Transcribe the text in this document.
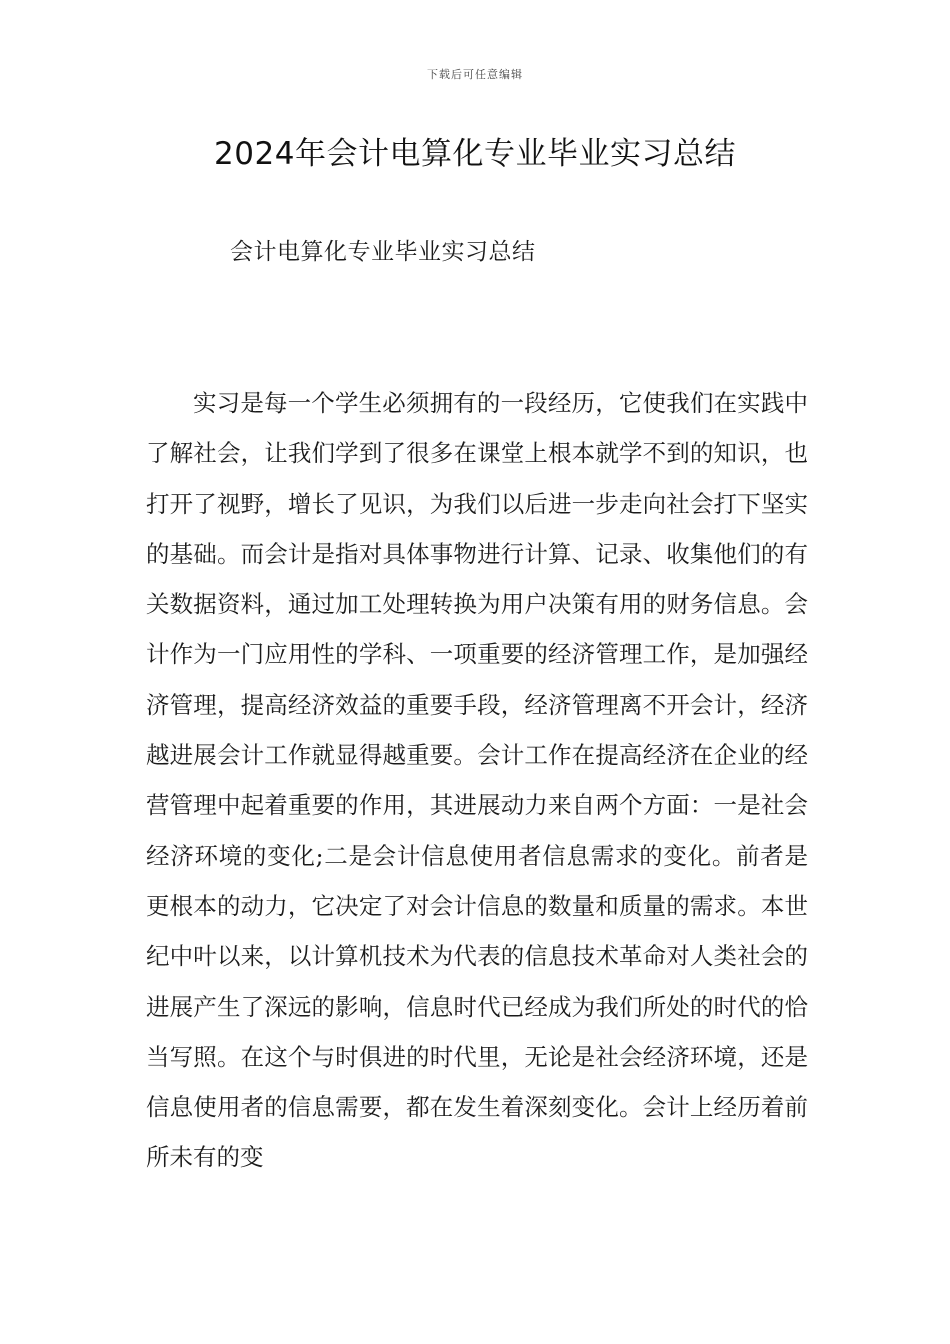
下载后可任意编辑
2024年会计电算化专业毕业实习总结
会计电算化专业毕业实习总结

实习是每一个学生必须拥有的一段经历，它使我们在实践中了解社会，让我们学到了很多在课堂上根本就学不到的知识，也打开了视野，增长了见识，为我们以后进一步走向社会打下坚实的基础。而会计是指对具体事物进行计算、记录、收集他们的有关数据资料，通过加工处理转换为用户决策有用的财务信息。会计作为一门应用性的学科、一项重要的经济管理工作，是加强经济管理，提高经济效益的重要手段，经济管理离不开会计，经济越进展会计工作就显得越重要。会计工作在提高经济在企业的经营管理中起着重要的作用，其进展动力来自两个方面：一是社会经济环境的变化;二是会计信息使用者信息需求的变化。前者是更根本的动力，它决定了对会计信息的数量和质量的需求。本世纪中叶以来，以计算机技术为代表的信息技术革命对人类社会的进展产生了深远的影响，信息时代已经成为我们所处的时代的恰当写照。在这个与时俱进的时代里，无论是社会经济环境，还是信息使用者的信息需要，都在发生着深刻变化。会计上经历着前所未有的变
